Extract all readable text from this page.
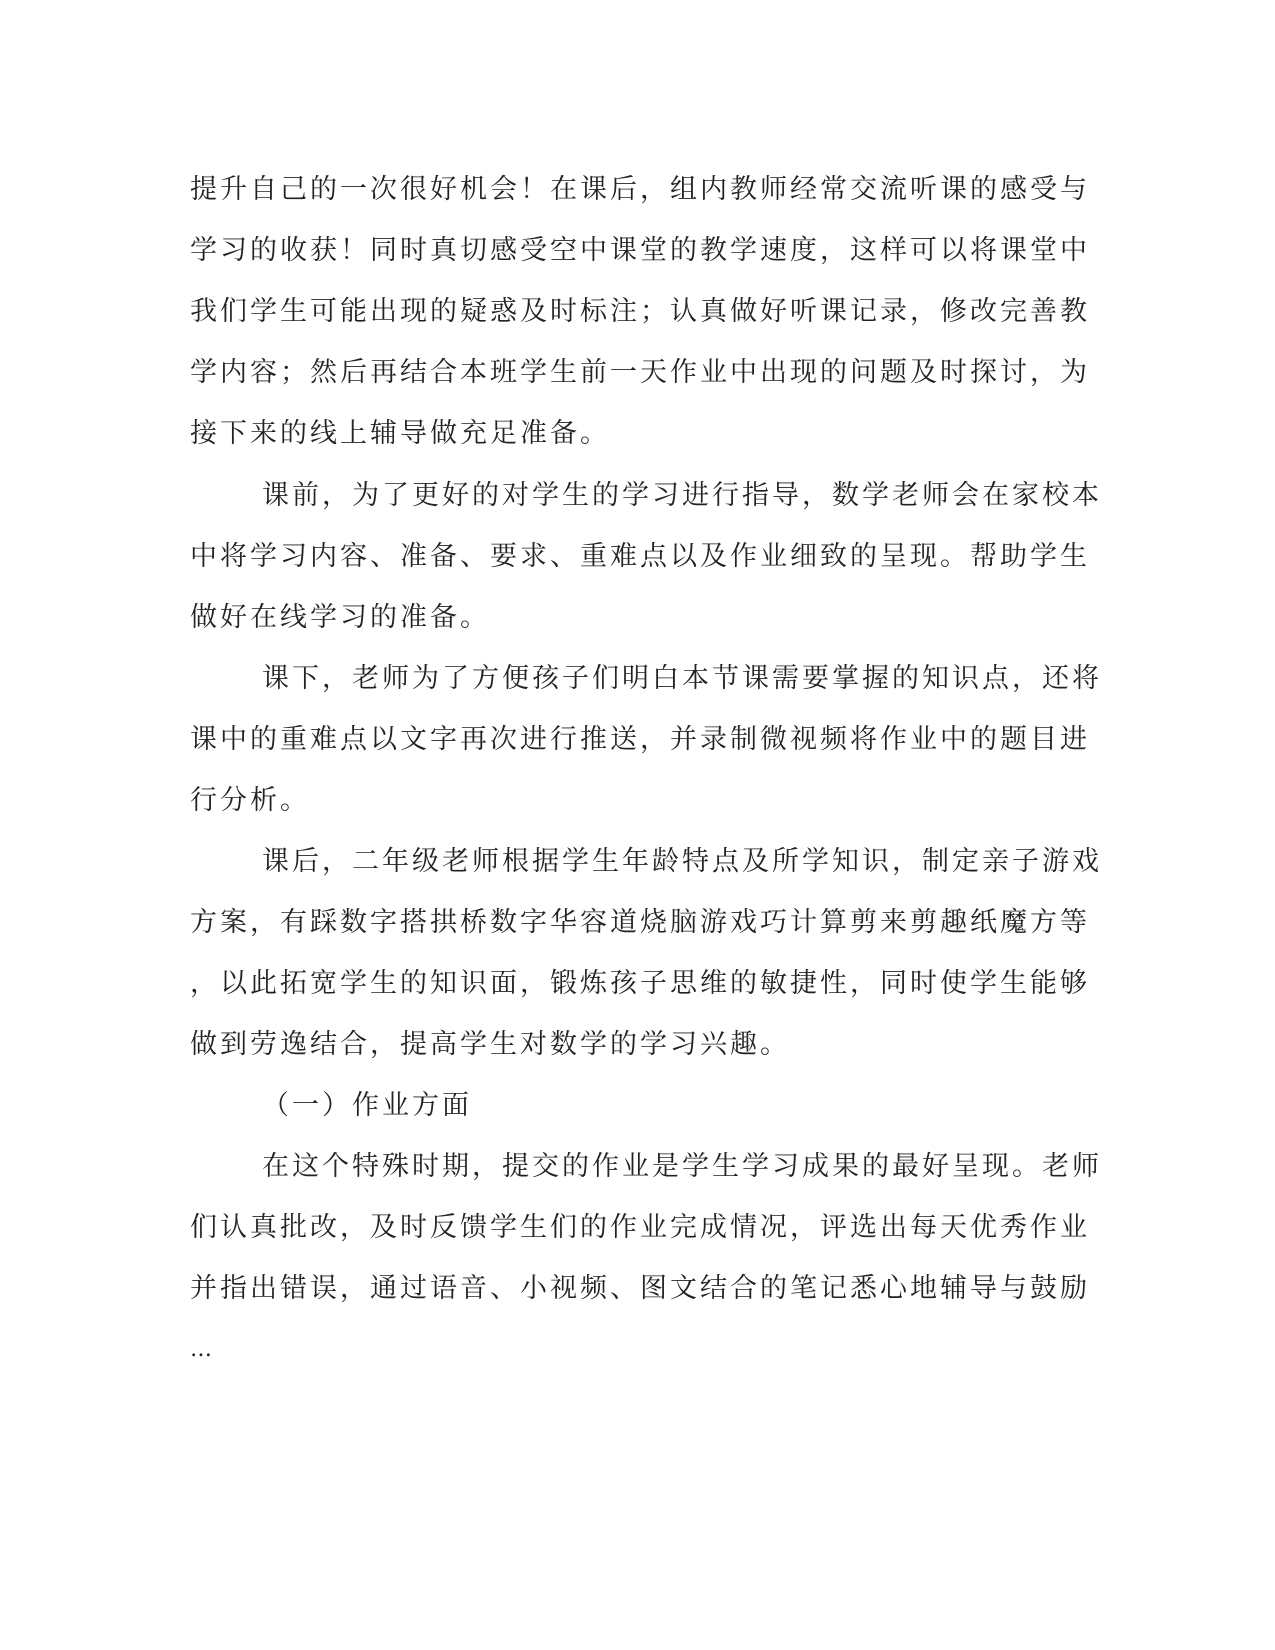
提升自己的一次很好机会！在课后，组内教师经常交流听课的感受与
学习的收获！同时真切感受空中课堂的教学速度，这样可以将课堂中
我们学生可能出现的疑惑及时标注；认真做好听课记录，修改完善教
学内容；然后再结合本班学生前一天作业中出现的问题及时探讨，为
接下来的线上辅导做充足准备。
课前，为了更好的对学生的学习进行指导，数学老师会在家校本
中将学习内容、准备、要求、重难点以及作业细致的呈现。帮助学生
做好在线学习的准备。
课下，老师为了方便孩子们明白本节课需要掌握的知识点，还将
课中的重难点以文字再次进行推送，并录制微视频将作业中的题目进
行分析。
课后，二年级老师根据学生年龄特点及所学知识，制定亲子游戏
方案，有踩数字搭拱桥数字华容道烧脑游戏巧计算剪来剪趣纸魔方等
，以此拓宽学生的知识面，锻炼孩子思维的敏捷性，同时使学生能够
做到劳逸结合，提高学生对数学的学习兴趣。
（一）作业方面
在这个特殊时期，提交的作业是学生学习成果的最好呈现。老师
们认真批改，及时反馈学生们的作业完成情况，评选出每天优秀作业
并指出错误，通过语音、小视频、图文结合的笔记悉心地辅导与鼓励
…
